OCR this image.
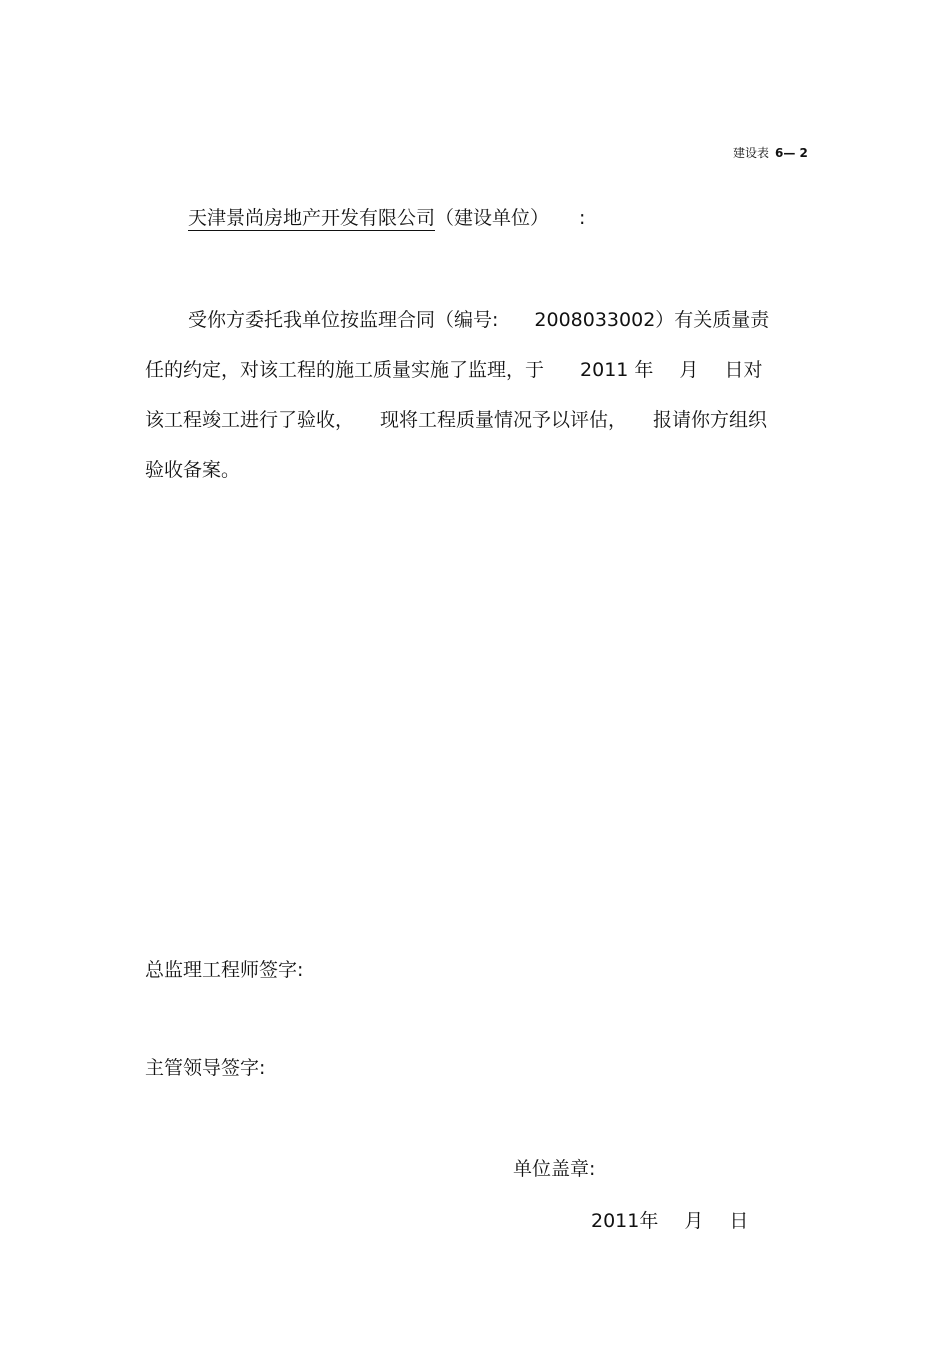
建设表 6— 2
天津景尚房地产开发有限公司（建设单位） :
受你方委托我单位按监理合同（编号: 2008033002）有关质量责
任的约定，对该工程的施工质量实施了监理，于 2011 年 月 日对
该工程竣工进行了验收， 现将工程质量情况予以评估， 报请你方组织
验收备案。
总监理工程师签字:
主管领导签字:
单位盖章:
2011年 月 日
